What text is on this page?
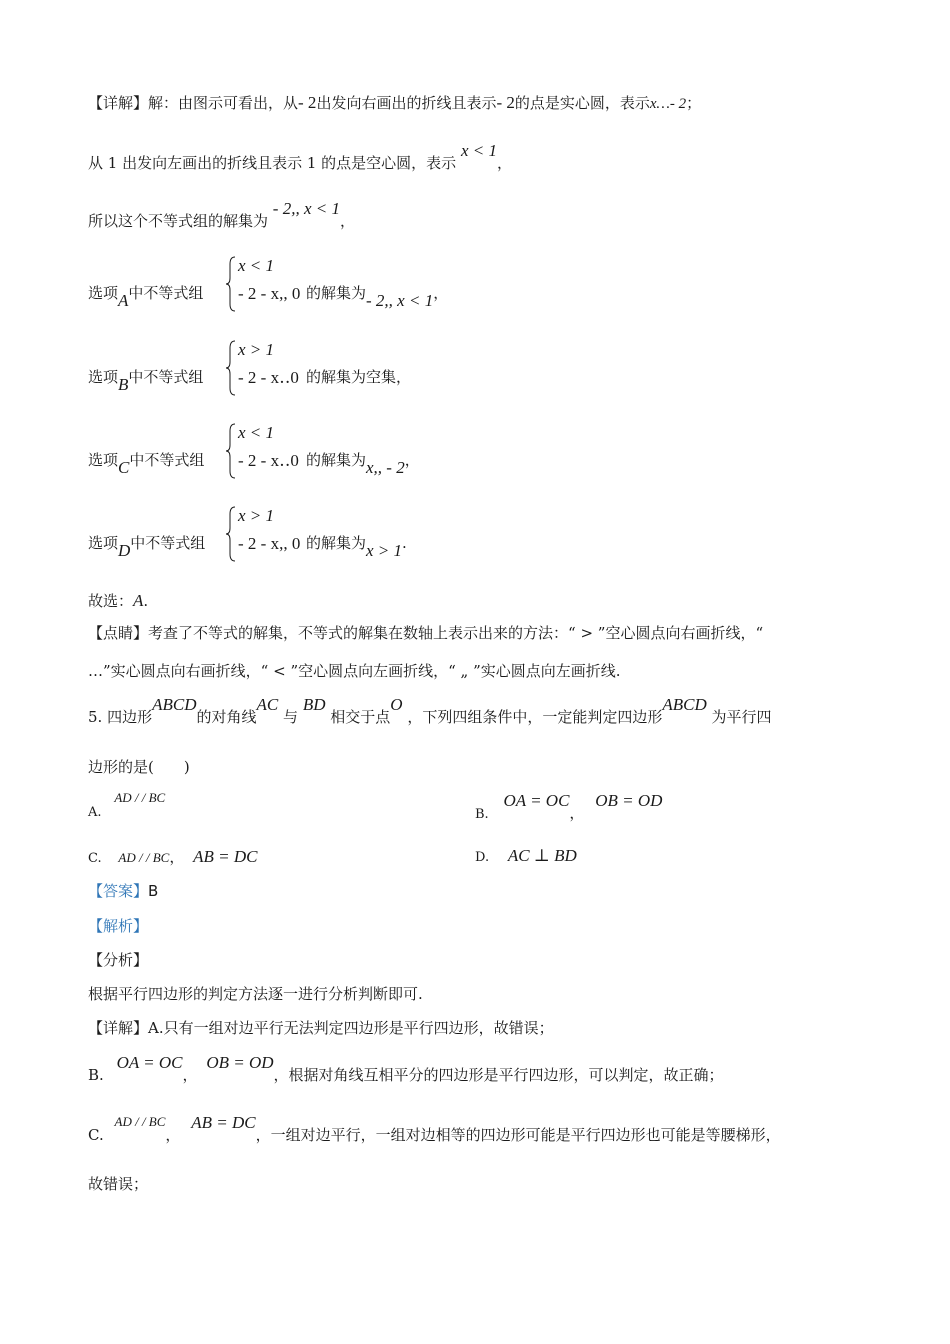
【详解】解：由图示可看出，从- 2出发向右画出的折线且表示- 2的点是实心圆，表示x…- 2；
从 1 出发向左画出的折线且表示 1 的点是空心圆，表示 x < 1，
所以这个不等式组的解集为 - 2,, x < 1，
选项A中不等式组
x < 1
- 2 - x,, 0 的解集为- 2,, x < 1，
选项B中不等式组
x > 1
- 2 - x‥0 的解集为空集，
选项C中不等式组
x < 1
- 2 - x‥0 的解集为x,, - 2，
选项D中不等式组
x > 1
- 2 - x,, 0 的解集为x > 1.
故选：A.
【点睛】考查了不等式的解集，不等式的解集在数轴上表示出来的方法：“ > ”空心圆点向右画折线，“
…”实心圆点向右画折线，“ < ”空心圆点向左画折线，“ „ ”实心圆点向左画折线.
5. 四边形ABCD的对角线AC 与 BD 相交于点O ，下列四组条件中，一定能判定四边形ABCD 为平行四
边形的是(　　)
A. AD / / BC
B. OA = OC， OB = OD
C. AD / / BC， AB = DC	D. AC ⊥ BD
【答案】B
【解析】
【分析】
根据平行四边形的判定方法逐一进行分析判断即可.
【详解】A.只有一组对边平行无法判定四边形是平行四边形，故错误；
B. OA = OC， OB = OD，根据对角线互相平分的四边形是平行四边形，可以判定，故正确；
C. AD / / BC， AB = DC，一组对边平行，一组对边相等的四边形可能是平行四边形也可能是等腰梯形，
故错误；
